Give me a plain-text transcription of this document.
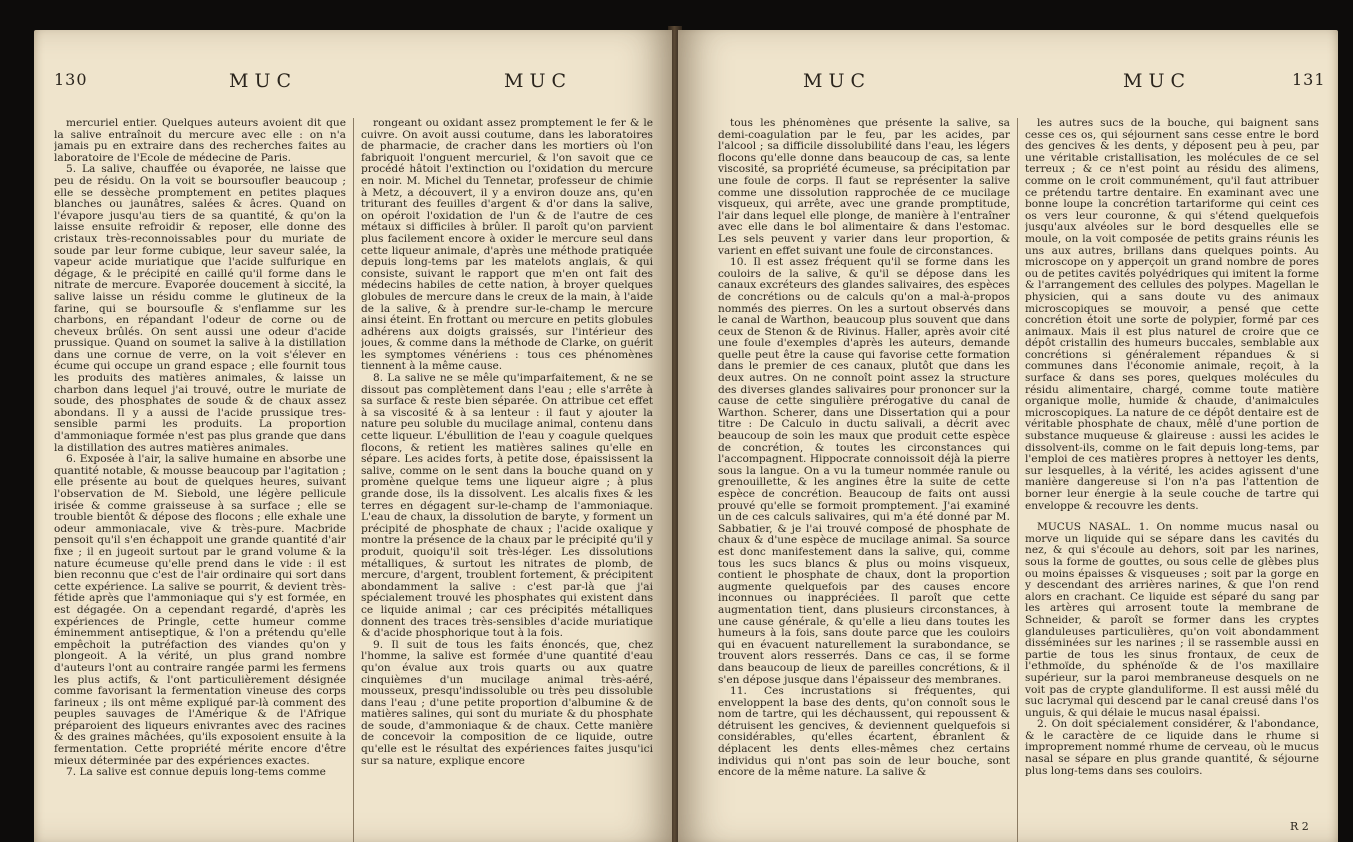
130	MUC	MUC

mercuriel entier. Quelques auteurs avoient dit que la salive entraînoit du mercure avec elle : on n'a jamais pu en extraire dans des recherches faites au laboratoire de l'Ecole de médecine de Paris.

5. La salive, chauffée ou évaporée, ne laisse que peu de résidu. On la voit se boursoufler beaucoup ; elle se dessèche promptement en petites plaques blanches ou jaunâtres, salées & âcres. Quand on l'évapore jusqu'au tiers de sa quantité, & qu'on la laisse ensuite refroidir & reposer, elle donne des cristaux très-reconnoissables pour du muriate de soude par leur forme cubique, leur saveur salée, la vapeur acide muriatique que l'acide sulfurique en dégage, & le précipité en caillé qu'il forme dans le nitrate de mercure. Evaporée doucement à siccité, la salive laisse un résidu comme le glutineux de la farine, qui se boursoufle & s'enflamme sur les charbons, en répandant l'odeur de corne ou de cheveux brûlés. On sent aussi une odeur d'acide prussique. Quand on soumet la salive à la distillation dans une cornue de verre, on la voit s'élever en écume qui occupe un grand espace ; elle fournit tous les produits des matières animales, & laisse un charbon dans lequel j'ai trouvé, outre le muriate de soude, des phosphates de soude & de chaux assez abondans. Il y a aussi de l'acide prussique tres-sensible parmi les produits. La proportion d'ammoniaque formée n'est pas plus grande que dans la distillation des autres matières animales.

6. Exposée à l'air, la salive humaine en absorbe une quantité notable, & mousse beaucoup par l'agitation ; elle présente au bout de quelques heures, suivant l'observation de M. Siebold, une légère pellicule irisée & comme graisseuse à sa surface ; elle se trouble bientôt & dépose des flocons ; elle exhale une odeur ammoniacale, vive & très-pure. Macbride pensoit qu'il s'en échappoit une grande quantité d'air fixe ; il en jugeoit surtout par le grand volume & la nature écumeuse qu'elle prend dans le vide : il est bien reconnu que c'est de l'air ordinaire qui sort dans cette expérience. La salive se pourrit, & devient très-fétide après que l'ammoniaque qui s'y est formée, en est dégagée. On a cependant regardé, d'après les expériences de Pringle, cette humeur comme éminemment antiseptique, & l'on a prétendu qu'elle empêchoit la putréfaction des viandes qu'on y plongeoit. A la vérité, un plus grand nombre d'auteurs l'ont au contraire rangée parmi les fermens les plus actifs, & l'ont particulièrement désignée comme favorisant la fermentation vineuse des corps farineux ; ils ont même expliqué par-là comment des peuples sauvages de l'Amérique & de l'Afrique préparoient des liqueurs enivrantes avec des racines & des graines mâchées, qu'ils exposoient ensuite à la fermentation. Cette propriété mérite encore d'être mieux déterminée par des expériences exactes.

7. La salive est connue depuis long-tems comme

rongeant ou oxidant assez promptement le fer & le cuivre. On avoit aussi coutume, dans les laboratoires de pharmacie, de cracher dans les mortiers où l'on fabriquoit l'onguent mercuriel, & l'on savoit que ce procédé hâtoit l'extinction ou l'oxidation du mercure en noir. M. Michel du Tennetar, professeur de chimie à Metz, a découvert, il y a environ douze ans, qu'en triturant des feuilles d'argent & d'or dans la salive, on opéroit l'oxidation de l'un & de l'autre de ces métaux si difficiles à brûler. Il paroît qu'on parvient plus facilement encore à oxider le mercure seul dans cette liqueur animale, d'après une méthode pratiquée depuis long-tems par les matelots anglais, & qui consiste, suivant le rapport que m'en ont fait des médecins habiles de cette nation, à broyer quelques globules de mercure dans le creux de la main, à l'aide de la salive, & à prendre sur-le-champ le mercure ainsi éteint. En frottant ou mercure en petits globules adhérens aux doigts graissés, sur l'intérieur des joues, & comme dans la méthode de Clarke, on guérit les symptomes vénériens : tous ces phénomènes tiennent à la même cause.

8. La salive ne se mêle qu'imparfaitement, & ne se dissout pas complètement dans l'eau ; elle s'arrête à sa surface & reste bien séparée. On attribue cet effet à sa viscosité & à sa lenteur : il faut y ajouter la nature peu soluble du mucilage animal, contenu dans cette liqueur. L'ébullition de l'eau y coagule quelques flocons, & retient les matières salines qu'elle en sépare. Les acides forts, à petite dose, épaississent la salive, comme on le sent dans la bouche quand on y promène quelque tems une liqueur aigre ; à plus grande dose, ils la dissolvent. Les alcalis fixes & les terres en dégagent sur-le-champ de l'ammoniaque. L'eau de chaux, la dissolution de baryte, y forment un précipité de phosphate de chaux ; l'acide oxalique y montre la présence de la chaux par le précipité qu'il y produit, quoiqu'il soit très-léger. Les dissolutions métalliques, & surtout les nitrates de plomb, de mercure, d'argent, troublent fortement, & précipitent abondamment la salive : c'est par-là que j'ai spécialement trouvé les phosphates qui existent dans ce liquide animal ; car ces précipités métalliques donnent des traces très-sensibles d'acide muriatique & d'acide phosphorique tout à la fois.

9. Il suit de tous les faits énoncés, que, chez l'homme, la salive est formée d'une quantité d'eau qu'on évalue aux trois quarts ou aux quatre cinquièmes d'un mucilage animal très-aéré, mousseux, presqu'indissoluble ou très peu dissoluble dans l'eau ; d'une petite proportion d'albumine & de matières salines, qui sont du muriate & du phosphate de soude, d'ammoniaque & de chaux. Cette manière de concevoir la composition de ce liquide, outre qu'elle est le résultat des expériences faites jusqu'ici sur sa nature, explique encore

MUC	MUC	131

tous les phénomènes que présente la salive, sa demi-coagulation par le feu, par les acides, par l'alcool ; sa difficile dissolubilité dans l'eau, les légers flocons qu'elle donne dans beaucoup de cas, sa lente viscosité, sa propriété écumeuse, sa précipitation par une foule de corps. Il faut se représenter la salive comme une dissolution rapprochée de ce mucilage visqueux, qui arrête, avec une grande promptitude, l'air dans lequel elle plonge, de manière à l'entraîner avec elle dans le bol alimentaire & dans l'estomac. Les sels peuvent y varier dans leur proportion, & varient en effet suivant une foule de circonstances.

10. Il est assez fréquent qu'il se forme dans les couloirs de la salive, & qu'il se dépose dans les canaux excréteurs des glandes salivaires, des espèces de concrétions ou de calculs qu'on a mal-à-propos nommés des pierres. On les a surtout observés dans le canal de Warthon, beaucoup plus souvent que dans ceux de Stenon & de Rivinus. Haller, après avoir cité une foule d'exemples d'après les auteurs, demande quelle peut être la cause qui favorise cette formation dans le premier de ces canaux, plutôt que dans les deux autres. On ne connoît point assez la structure des diverses glandes salivaires pour prononcer sur la cause de cette singulière prérogative du canal de Warthon. Scherer, dans une Dissertation qui a pour titre : De Calculo in ductu salivali, a décrit avec beaucoup de soin les maux que produit cette espèce de concrétion, & toutes les circonstances qui l'accompagnent. Hippocrate connoissoit déjà la pierre sous la langue. On a vu la tumeur nommée ranule ou grenouillette, & les angines être la suite de cette espèce de concrétion. Beaucoup de faits ont aussi prouvé qu'elle se formoit promptement. J'ai examiné un de ces calculs salivaires, qui m'a été donné par M. Sabbatier, & je l'ai trouvé composé de phosphate de chaux & d'une espèce de mucilage animal. Sa source est donc manifestement dans la salive, qui, comme tous les sucs blancs & plus ou moins visqueux, contient le phosphate de chaux, dont la proportion augmente quelquefois par des causes encore inconnues ou inappréciées. Il paroît que cette augmentation tient, dans plusieurs circonstances, à une cause générale, & qu'elle a lieu dans toutes les humeurs à la fois, sans doute parce que les couloirs qui en évacuent naturellement la surabondance, se trouvent alors resserrés. Dans ce cas, il se forme dans beaucoup de lieux de pareilles concrétions, & il s'en dépose jusque dans l'épaisseur des membranes.

11. Ces incrustations si fréquentes, qui enveloppent la base des dents, qu'on connoît sous le nom de tartre, qui les déchaussent, qui repoussent & détruisent les gencives, & deviennent quelquefois si considérables, qu'elles écartent, ébranlent & déplacent les dents elles-mêmes chez certains individus qui n'ont pas soin de leur bouche, sont encore de la même nature. La salive &

les autres sucs de la bouche, qui baignent sans cesse ces os, qui séjournent sans cesse entre le bord des gencives & les dents, y déposent peu à peu, par une véritable cristallisation, les molécules de ce sel terreux ; & ce n'est point au résidu des alimens, comme on le croit communément, qu'il faut attribuer ce prétendu tartre dentaire. En examinant avec une bonne loupe la concrétion tartariforme qui ceint ces os vers leur couronne, & qui s'étend quelquefois jusqu'aux alvéoles sur le bord desquelles elle se moule, on la voit composée de petits grains réunis les uns aux autres, brillans dans quelques points. Au microscope on y apperçoit un grand nombre de pores ou de petites cavités polyédriques qui imitent la forme & l'arrangement des cellules des polypes. Magellan le physicien, qui a sans doute vu des animaux microscopiques se mouvoir, a pensé que cette concrétion étoit une sorte de polypier, formé par ces animaux. Mais il est plus naturel de croire que ce dépôt cristallin des humeurs buccales, semblable aux concrétions si généralement répandues & si communes dans l'économie animale, reçoit, à la surface & dans ses pores, quelques molécules du résidu alimentaire, chargé, comme toute matière organique molle, humide & chaude, d'animalcules microscopiques. La nature de ce dépôt dentaire est de véritable phosphate de chaux, mêlé d'une portion de substance muqueuse & glaireuse : aussi les acides le dissolvent-ils, comme on le fait depuis long-tems, par l'emploi de ces matières propres à nettoyer les dents, sur lesquelles, à la vérité, les acides agissent d'une manière dangereuse si l'on n'a pas l'attention de borner leur énergie à la seule couche de tartre qui enveloppe & recouvre les dents.

MUCUS NASAL. 1. On nomme mucus nasal ou morve un liquide qui se sépare dans les cavités du nez, & qui s'écoule au dehors, soit par les narines, sous la forme de gouttes, ou sous celle de glèbes plus ou moins épaisses & visqueuses ; soit par la gorge en y descendant des arrières narines, & que l'on rend alors en crachant. Ce liquide est séparé du sang par les artères qui arrosent toute la membrane de Schneider, & paroît se former dans les cryptes glanduleuses particulières, qu'on voit abondamment disséminées sur les narines ; il se rassemble aussi en partie de tous les sinus frontaux, de ceux de l'ethmoïde, du sphénoïde & de l'os maxillaire supérieur, sur la paroi membraneuse desquels on ne voit pas de crypte glanduliforme. Il est aussi mêlé du suc lacrymal qui descend par le canal creusé dans l'os unguis, & qui délaie le mucus nasal épaissi.

2. On doit spécialement considérer, & l'abondance, & le caractère de ce liquide dans le rhume si improprement nommé rhume de cerveau, où le mucus nasal se sépare en plus grande quantité, & séjourne plus long-tems dans ses couloirs.

R 2
